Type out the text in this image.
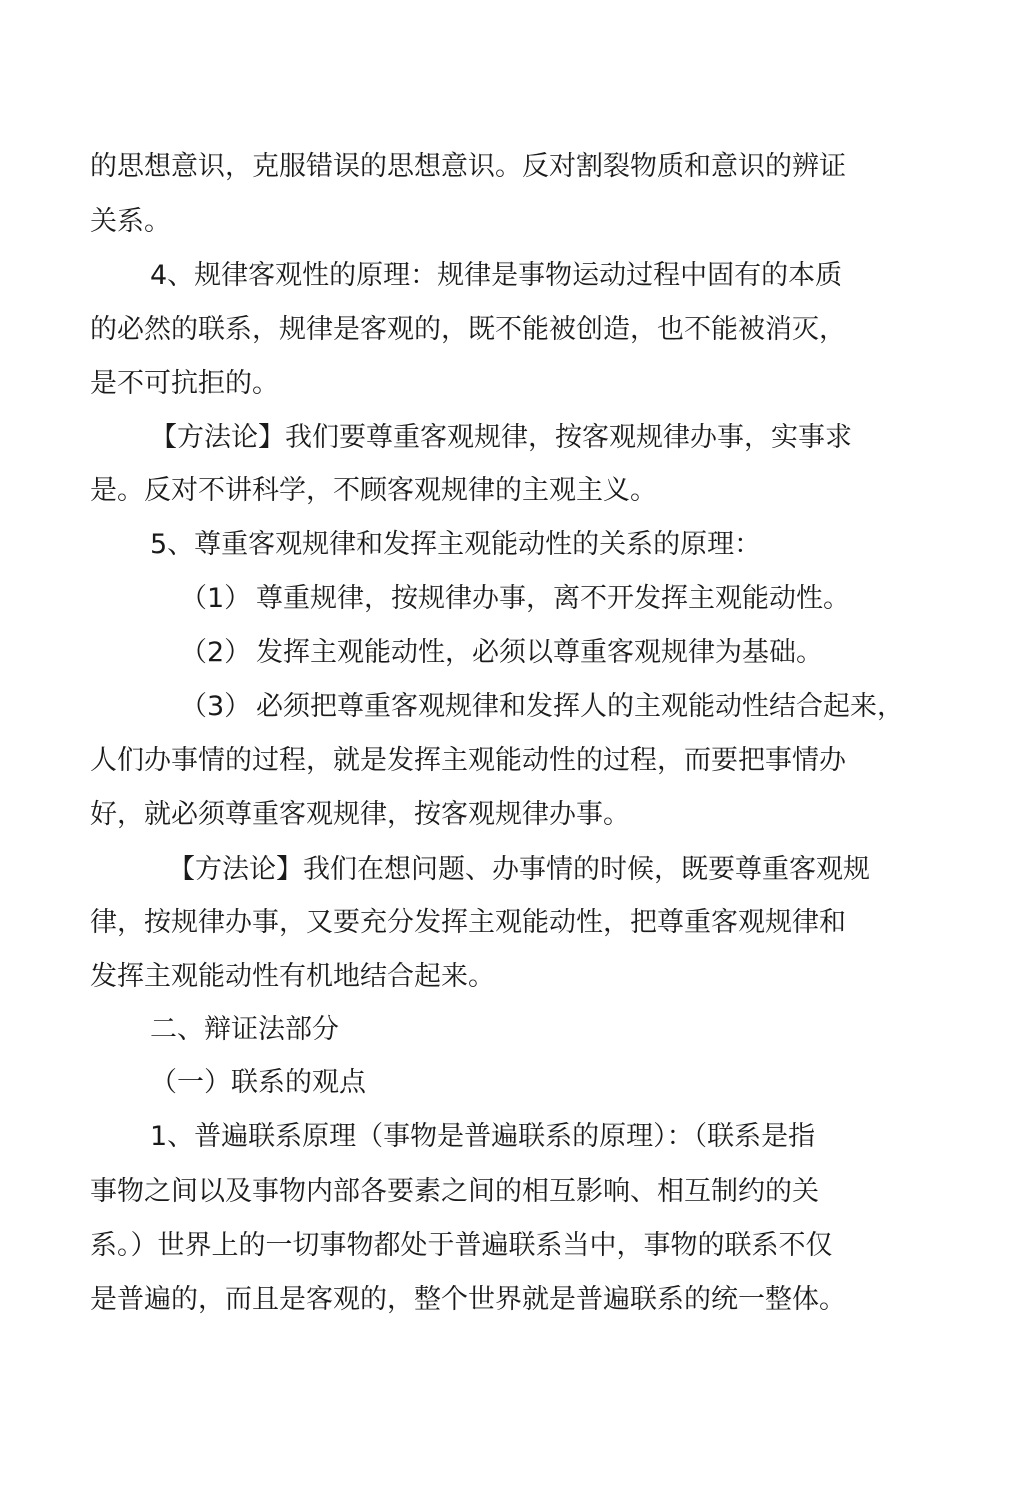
的思想意识，克服错误的思想意识。反对割裂物质和意识的辨证
关系。
4、规律客观性的原理：规律是事物运动过程中固有的本质
的必然的联系，规律是客观的，既不能被创造，也不能被消灭，
是不可抗拒的。
【方法论】我们要尊重客观规律，按客观规律办事，实事求
是。反对不讲科学，不顾客观规律的主观主义。
5、尊重客观规律和发挥主观能动性的关系的原理：
（1） 尊重规律，按规律办事，离不开发挥主观能动性。
（2） 发挥主观能动性，必须以尊重客观规律为基础。
（3） 必须把尊重客观规律和发挥人的主观能动性结合起来，
人们办事情的过程，就是发挥主观能动性的过程，而要把事情办
好，就必须尊重客观规律，按客观规律办事。
【方法论】我们在想问题、办事情的时候，既要尊重客观规
律，按规律办事，又要充分发挥主观能动性，把尊重客观规律和
发挥主观能动性有机地结合起来。
二、辩证法部分
（一）联系的观点
1、普遍联系原理（事物是普遍联系的原理）：（联系是指
事物之间以及事物内部各要素之间的相互影响、相互制约的关
系。）世界上的一切事物都处于普遍联系当中，事物的联系不仅
是普遍的，而且是客观的，整个世界就是普遍联系的统一整体。
